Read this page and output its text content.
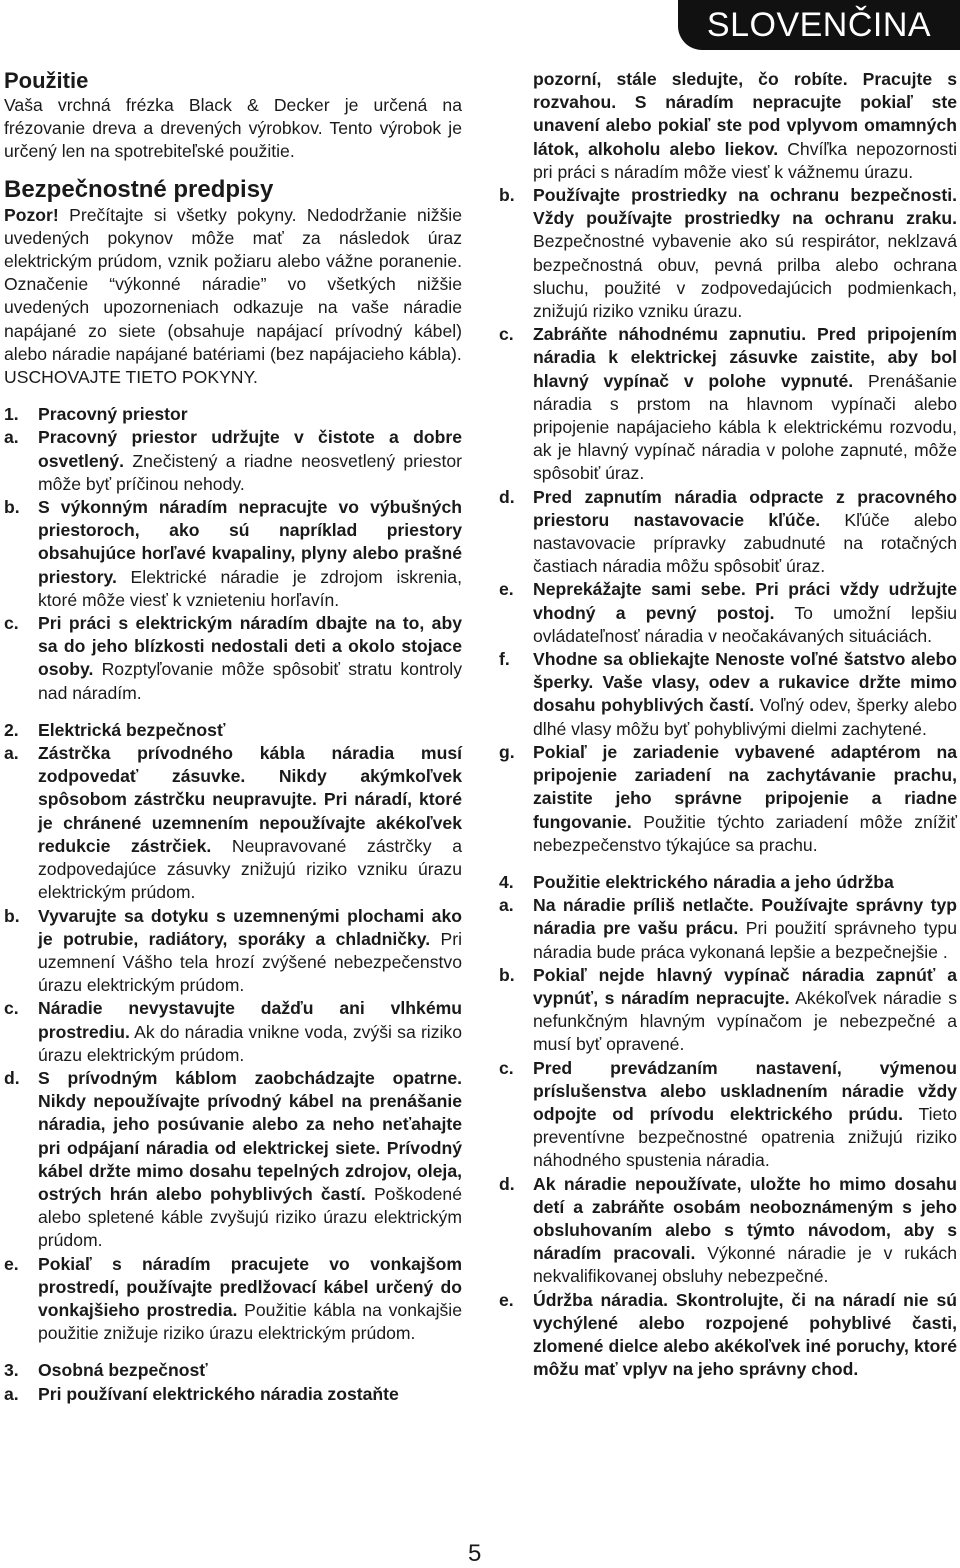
SLOVENČINA
Použitie

Vaša vrchná frézka Black & Decker je určená na frézovanie dreva a drevených výrobkov. Tento výrobok je určený len na spotrebiteľské použitie.

Bezpečnostné predpisy

Pozor! Prečítajte si všetky pokyny. Nedodržanie nižšie uvedených pokynov môže mať za následok úraz elektrickým prúdom, vznik požiaru alebo vážne poranenie. Označenie “výkonné náradie” vo všetkých nižšie uvedených upozorneniach odkazuje na vaše náradie napájané zo siete (obsahuje napájací prívodný kábel) alebo náradie napájané batériami (bez napájacieho kábla).

USCHOVAJTE TIETO POKYNY.

1.	Pracovný priestor
a.	Pracovný priestor udržujte v čistote a dobre osvetlený. Znečistený a riadne neosvetlený priestor môže byť príčinou nehody.
b.	S výkonným náradím nepracujte vo výbušných priestoroch, ako sú napríklad priestory obsahujúce horľavé kvapaliny, plyny alebo prašné priestory. Elektrické náradie je zdrojom iskrenia, ktoré môže viesť k vznieteniu horľavín.
c.	Pri práci s elektrickým náradím dbajte na to, aby sa do jeho blízkosti nedostali deti a okolo stojace osoby. Rozptyľovanie môže spôsobiť stratu kontroly nad náradím.
2.	Elektrická bezpečnosť
a.	Zástrčka prívodného kábla náradia musí zodpovedať zásuvke. Nikdy akýmkoľvek spôsobom zástrčku neupravujte. Pri náradí, ktoré je chránené uzemnením nepoužívajte akékoľvek redukcie zástrčiek. Neupravované zástrčky a zodpovedajúce zásuvky znižujú riziko vzniku úrazu elektrickým prúdom.
b.	Vyvarujte sa dotyku s uzemnenými plochami ako je potrubie, radiátory, sporáky a chladničky. Pri uzemnení Vášho tela hrozí zvýšené nebezpečenstvo úrazu elektrickým prúdom.
c.	Náradie nevystavujte dažďu ani vlhkému prostrediu. Ak do náradia vnikne voda, zvýši sa riziko úrazu elektrickým prúdom.
d.	S prívodným káblom zaobchádzajte opatrne. Nikdy nepoužívajte prívodný kábel na prenášanie náradia, jeho posúvanie alebo za neho neťahajte pri odpájaní náradia od elektrickej siete. Prívodný kábel držte mimo dosahu tepelných zdrojov, oleja, ostrých hrán alebo pohyblivých častí. Poškodené alebo spletené káble zvyšujú riziko úrazu elektrickým prúdom.
e.	Pokiaľ s náradím pracujete vo vonkajšom prostredí, používajte predlžovací kábel určený do vonkajšieho prostredia. Použitie kábla na vonkajšie použitie znižuje riziko úrazu elektrickým prúdom.
3.	Osobná bezpečnosť
a.	Pri používaní elektrického náradia zostaňte
pozorní, stále sledujte, čo robíte. Pracujte s rozvahou. S náradím nepracujte pokiaľ ste unavení alebo pokiaľ ste pod vplyvom omamných látok, alkoholu alebo liekov. Chvíľka nepozornosti pri práci s náradím môže viesť k vážnemu úrazu.
b.	Používajte prostriedky na ochranu bezpečnosti. Vždy používajte prostriedky na ochranu zraku. Bezpečnostné vybavenie ako sú respirátor, neklzavá bezpečnostná obuv, pevná prilba alebo ochrana sluchu, použité v zodpovedajúcich podmienkach, znižujú riziko vzniku úrazu.
c.	Zabráňte náhodnému zapnutiu. Pred pripojením náradia k elektrickej zásuvke zaistite, aby bol hlavný vypínač v polohe vypnuté. Prenášanie náradia s prstom na hlavnom vypínači alebo pripojenie napájacieho kábla k elektrickému rozvodu, ak je hlavný vypínač náradia v polohe zapnuté, môže spôsobiť úraz.
d.	Pred zapnutím náradia odpracte z pracovného priestoru nastavovacie kľúče. Kľúče alebo nastavovacie prípravky zabudnuté na rotačných častiach náradia môžu spôsobiť úraz.
e.	Neprekážajte sami sebe. Pri práci vždy udržujte vhodný a pevný postoj. To umožní lepšiu ovládateľnosť náradia v neočakávaných situáciách.
f.	Vhodne sa obliekajte Nenoste voľné šatstvo alebo šperky. Vaše vlasy, odev a rukavice držte mimo dosahu pohyblivých častí. Voľný odev, šperky alebo dlhé vlasy môžu byť pohyblivými dielmi zachytené.
g.	Pokiaľ je zariadenie vybavené adaptérom na pripojenie zariadení na zachytávanie prachu, zaistite jeho správne pripojenie a riadne fungovanie. Použitie týchto zariadení môže znížiť nebezpečenstvo týkajúce sa prachu.
4.	Použitie elektrického náradia a jeho údržba
a.	Na náradie príliš netlačte. Používajte správny typ náradia pre vašu prácu. Pri použití správneho typu náradia bude práca vykonaná lepšie a bezpečnejšie .
b.	Pokiaľ nejde hlavný vypínač náradia zapnúť a vypnúť, s náradím nepracujte. Akékoľvek náradie s nefunkčným hlavným vypínačom je nebezpečné a musí byť opravené.
c.	Pred prevádzaním nastavení, výmenou príslušenstva alebo uskladnením náradie vždy odpojte od prívodu elektrického prúdu. Tieto preventívne bezpečnostné opatrenia znižujú riziko náhodného spustenia náradia.
d.	Ak náradie nepoužívate, uložte ho mimo dosahu detí a zabráňte osobám neoboznámeným s jeho obsluhovaním alebo s týmto návodom, aby s náradím pracovali. Výkonné náradie je v rukách nekvalifikovanej obsluhy nebezpečné.
e.	Údržba náradia. Skontrolujte, či na náradí nie sú vychýlené alebo rozpojené pohyblivé časti, zlomené dielce alebo akékoľvek iné poruchy, ktoré môžu mať vplyv na jeho správny chod.
5
